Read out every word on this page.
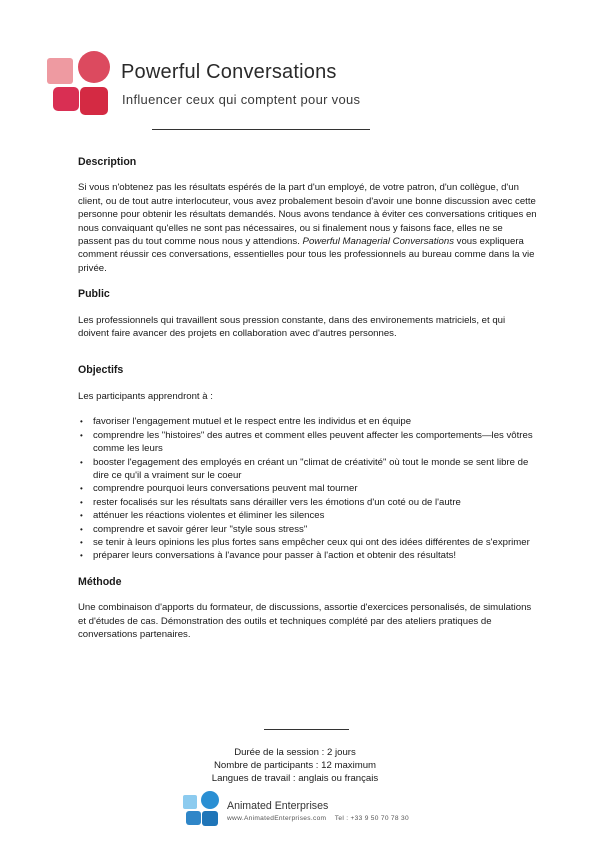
Powerful Conversations
Influencer ceux qui comptent pour vous
Description

Si vous n'obtenez pas les résultats espérés de la part d'un employé, de votre patron, d'un collègue, d'un client, ou de tout autre interlocuteur, vous avez probalement besoin d'avoir une bonne discussion avec cette personne pour obtenir les résultats demandés. Nous avons tendance à éviter ces conversations critiques en nous convaiquant qu'elles ne sont pas nécessaires, ou si finalement nous y faisons face, elles ne se passent pas du tout comme nous nous y attendions. Powerful Managerial Conversations vous expliquera comment réussir ces conversations, essentielles pour tous les professionnels au bureau comme dans la vie privée.

Public

Les professionnels qui travaillent sous pression constante, dans des environements matriciels, et qui doivent faire avancer des projets en collaboration avec d'autres personnes.

Objectifs

Les participants apprendront à :

• favoriser l'engagement mutuel et le respect entre les individus et en équipe
• comprendre les "histoires" des autres et comment elles peuvent affecter les comportements—les vôtres comme les leurs
• booster l'egagement des employés en créant un "climat de créativité" où tout le monde se sent libre de dire ce qu'il a vraiment sur le coeur
• comprendre pourquoi leurs conversations peuvent mal tourner
• rester focalisés sur les résultats sans dérailler vers les émotions d'un coté ou de l'autre
• atténuer les réactions violentes et éliminer les silences
• comprendre et savoir gérer leur "style sous stress"
• se tenir à leurs opinions les plus fortes sans empêcher ceux qui ont des idées différentes de s'exprimer
• préparer leurs conversations à l'avance pour passer à l'action et obtenir des résultats!
Méthode

Une combinaison d'apports du formateur, de discussions, assortie d'exercices personalisés, de simulations et d'études de cas. Démonstration des outils et techniques complété par des ateliers pratiques de conversations partenaires.

Durée de la session : 2 jours
Nombre de participants : 12 maximum
Langues de travail : anglais ou français
Animated Enterprises
www.AnimatedEnterprises.com    Tel : +33 9 50 70 78 30
